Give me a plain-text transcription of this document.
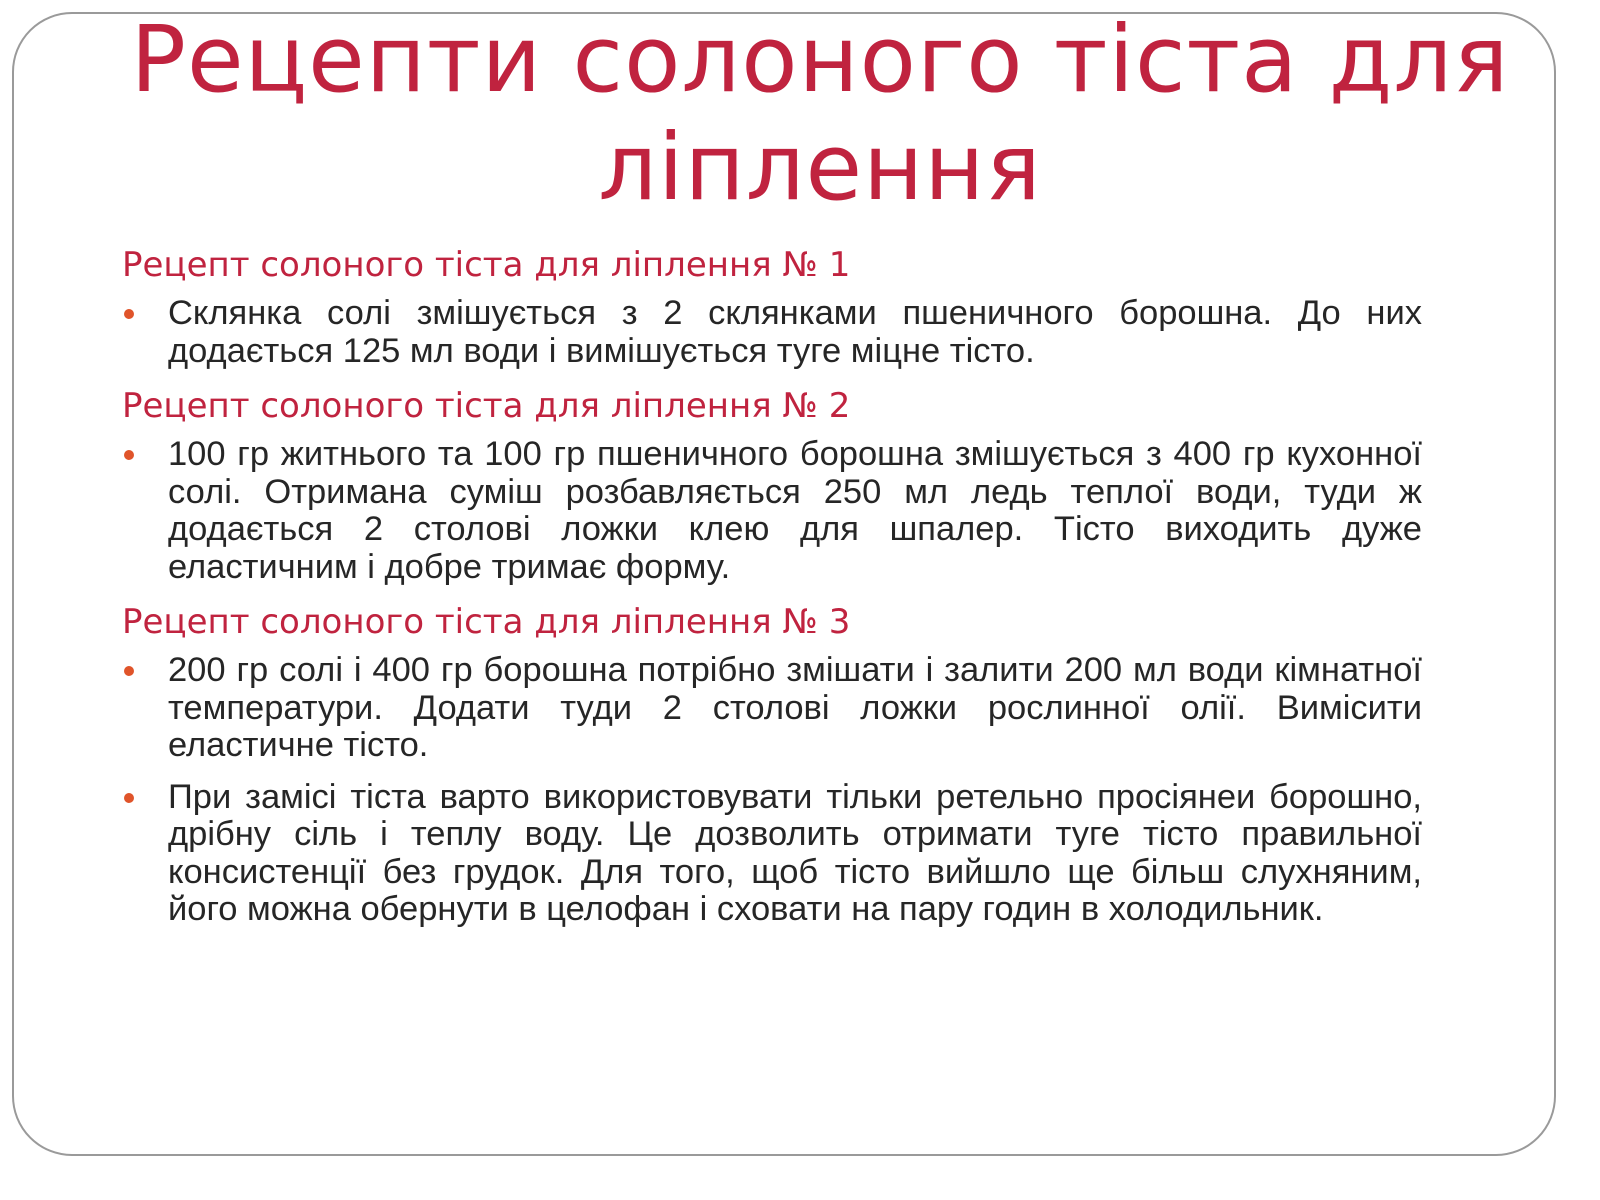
Рецепти солоного тіста для ліплення
Рецепт солоного тіста для ліплення № 1
Склянка солі змішується з 2 склянками пшеничного борошна. До них додається 125 мл води і вимішується туге міцне тісто.
Рецепт солоного тіста для ліплення № 2
100 гр житнього та 100 гр пшеничного борошна змішується з 400 гр кухонної солі. Отримана суміш розбавляється 250 мл ледь теплої води, туди ж додається 2 столові ложки клею для шпалер. Тісто виходить дуже еластичним і добре тримає форму.
Рецепт солоного тіста для ліплення № 3
200 гр солі і 400 гр борошна потрібно змішати і залити 200 мл води кімнатної температури. Додати туди 2 столові ложки рослинної олії. Вимісити еластичне тісто.
При замісі тіста варто використовувати тільки ретельно просіянеи борошно, дрібну сіль і теплу воду. Це дозволить отримати туге тісто правильної консистенції без грудок. Для того, щоб тісто вийшло ще більш слухняним, його можна обернути в целофан і сховати на пару годин в холодильник.
